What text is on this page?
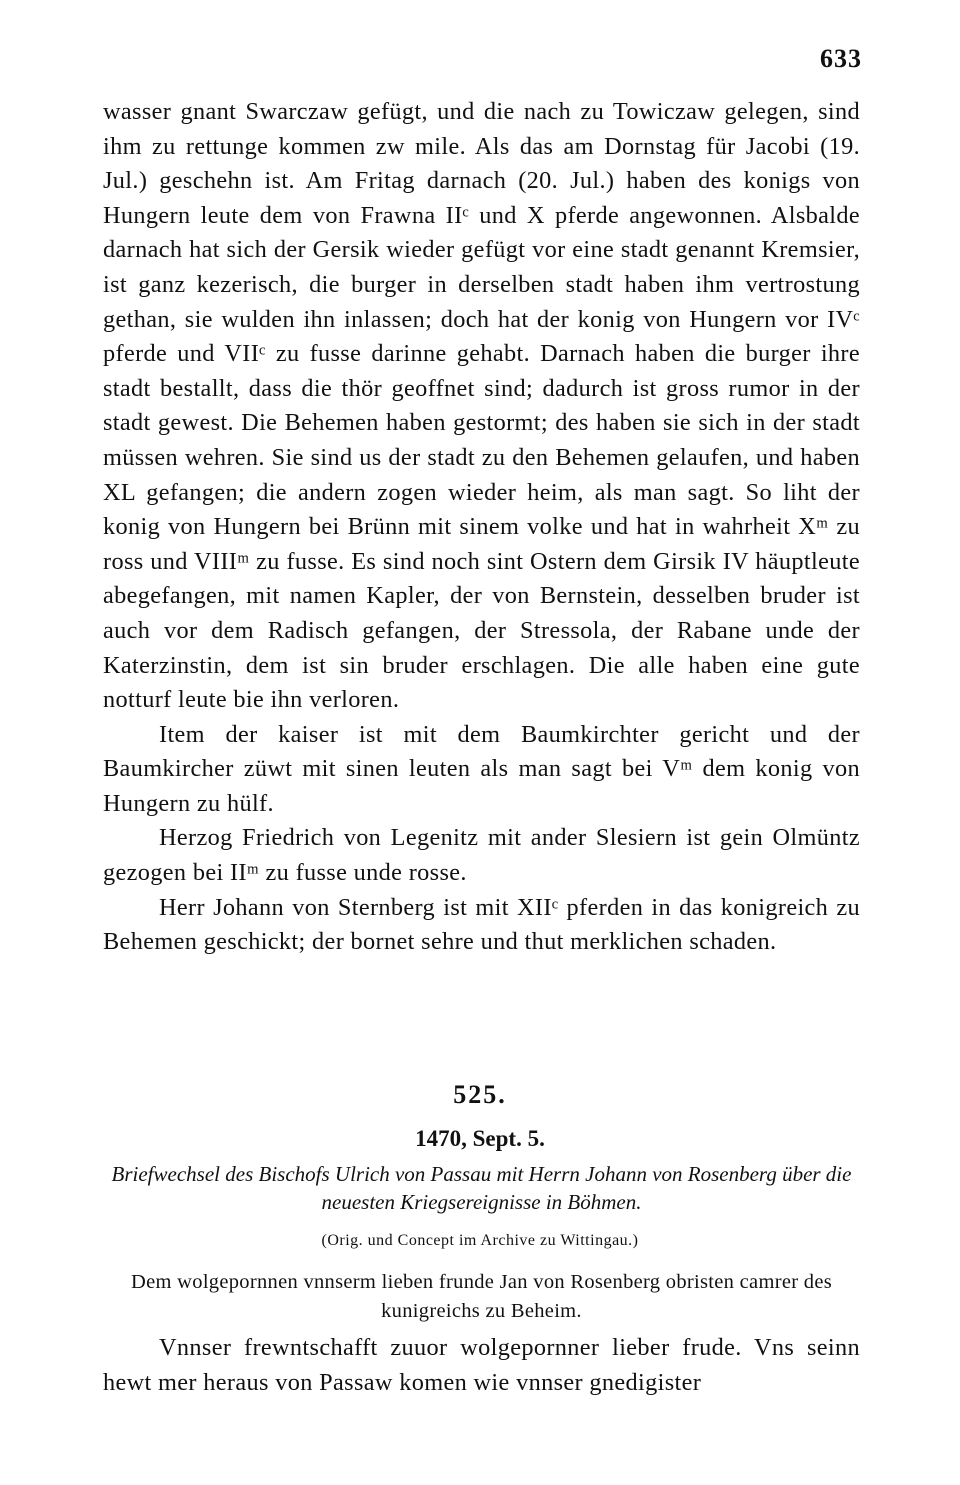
633

wasser gnant Swarczaw gefügt, und die nach zu Towiczaw gelegen, sind ihm zu rettunge kommen zw mile. Als das am Dornstag für Jacobi (19. Jul.) geschehn ist. Am Fritag darnach (20. Jul.) haben des konigs von Hungern leute dem von Frawna IIᶜ und X pferde angewonnen. Alsbalde darnach hat sich der Gersik wieder gefügt vor eine stadt genannt Kremsier, ist ganz kezerisch, die burger in derselben stadt haben ihm vertrostung gethan, sie wulden ihn inlassen; doch hat der konig von Hungern vor IVᶜ pferde und VIIᶜ zu fusse darinne gehabt. Darnach haben die burger ihre stadt bestallt, dass die thör geoffnet sind; dadurch ist gross rumor in der stadt gewest. Die Behemen haben gestormt; des haben sie sich in der stadt müssen wehren. Sie sind us der stadt zu den Behemen gelaufen, und haben XL gefangen; die andern zogen wieder heim, als man sagt. So liht der konig von Hungern bei Brünn mit sinem volke und hat in wahrheit Xᵐ zu ross und VIIIᵐ zu fusse. Es sind noch sint Ostern dem Girsik IV häuptleute abegefangen, mit namen Kapler, der von Bernstein, desselben bruder ist auch vor dem Radisch gefangen, der Stressola, der Rabane unde der Katerzinstin, dem ist sin bruder erschlagen. Die alle haben eine gute notturf leute bie ihn verloren.

Item der kaiser ist mit dem Baumkirchter gericht und der Baumkircher züwt mit sinen leuten als man sagt bei Vᵐ dem konig von Hungern zu hülf.

Herzog Friedrich von Legenitz mit ander Slesiern ist gein Olmüntz gezogen bei IIᵐ zu fusse unde rosse.

Herr Johann von Sternberg ist mit XIIᶜ pferden in das konigreich zu Behemen geschickt; der bornet sehre und thut merklichen schaden.

525.
1470, Sept. 5.
Briefwechsel des Bischofs Ulrich von Passau mit Herrn Johann von Rosenberg über die neuesten Kriegsereignisse in Böhmen.
(Orig. und Concept im Archive zu Wittingau.)
Dem wolgepornnen vnnserm lieben frunde Jan von Rosenberg obristen camrer des kunigreichs zu Beheim.

Vnnser frewntschafft zuuor wolgepornner lieber frude. Vns seinn hewt mer heraus von Passaw komen wie vnnser gnedigister
